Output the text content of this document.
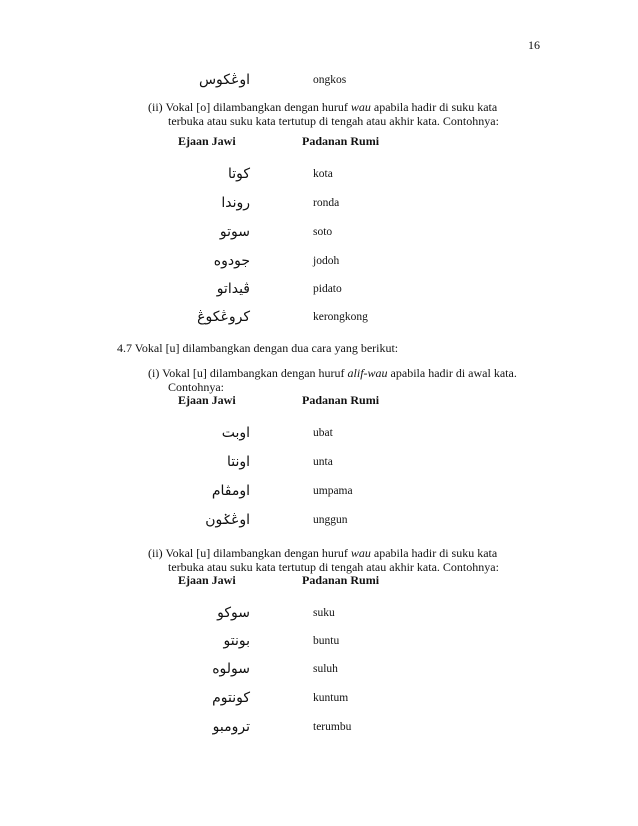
16
اوڠكوس	ongkos
(ii) Vokal [o] dilambangkan dengan huruf wau apabila hadir di suku kata
terbuka atau suku kata tertutup di tengah atau akhir kata. Contohnya:
Ejaan Jawi	Padanan Rumi
كوتا	kota
روندا	ronda
سوتو	soto
جودوه	jodoh
ڤيداتو	pidato
كروڠكوڠ	kerongkong
4.7 Vokal [u] dilambangkan dengan dua cara yang berikut:
(i) Vokal [u] dilambangkan dengan huruf alif-wau apabila hadir di awal kata.
Contohnya:
Ejaan Jawi	Padanan Rumi
اوبت	ubat
اونتا	unta
اومڤام	umpama
اوڠݢون	unggun
(ii) Vokal [u] dilambangkan dengan huruf wau apabila hadir di suku kata
terbuka atau suku kata tertutup di tengah atau akhir kata. Contohnya:
Ejaan Jawi	Padanan Rumi
سوكو	suku
بونتو	buntu
سولوه	suluh
كونتوم	kuntum
ترومبو	terumbu
